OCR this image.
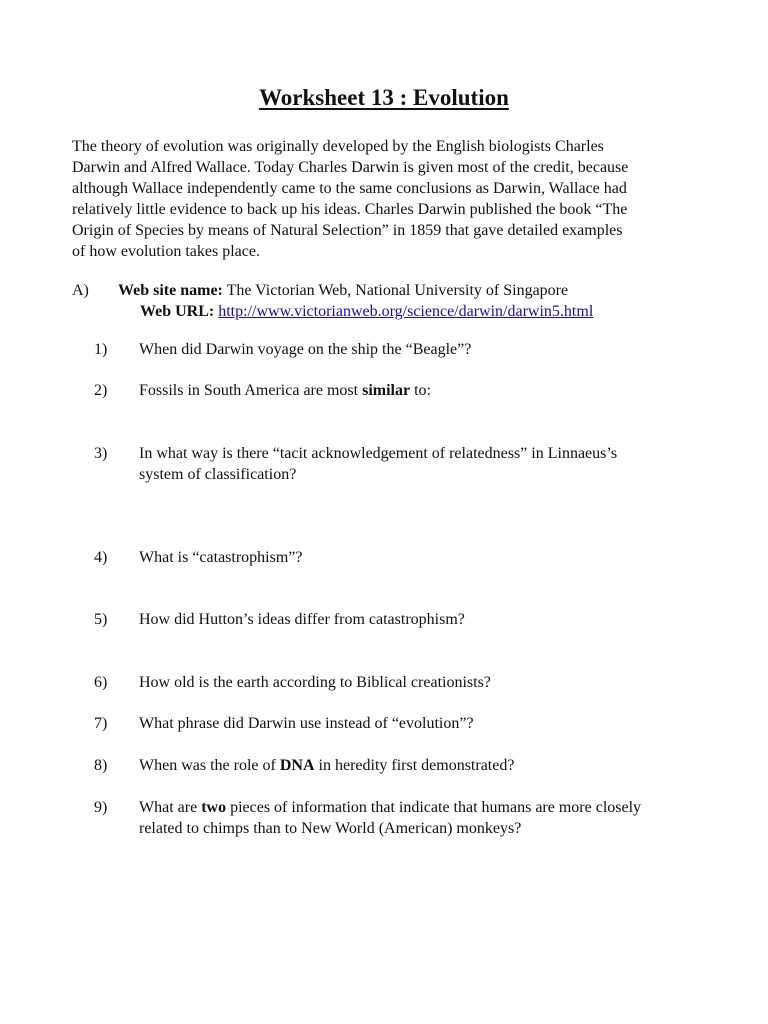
Worksheet 13 : Evolution

The theory of evolution was originally developed by the English biologists Charles
Darwin and Alfred Wallace. Today Charles Darwin is given most of the credit, because
although Wallace independently came to the same conclusions as Darwin, Wallace had
relatively little evidence to back up his ideas. Charles Darwin published the book “The
Origin of Species by means of Natural Selection” in 1859 that gave detailed examples
of how evolution takes place.

A) Web site name: The Victorian Web, National University of Singapore
Web URL: http://www.victorianweb.org/science/darwin/darwin5.html
1) When did Darwin voyage on the ship the “Beagle”?
2) Fossils in South America are most similar to:
3) In what way is there “tacit acknowledgement of relatedness” in Linnaeus’s
system of classification?
4) What is “catastrophism”?
5) How did Hutton’s ideas differ from catastrophism?
6) How old is the earth according to Biblical creationists?
7) What phrase did Darwin use instead of “evolution”?
8) When was the role of DNA in heredity first demonstrated?
9) What are two pieces of information that indicate that humans are more closely
related to chimps than to New World (American) monkeys?
